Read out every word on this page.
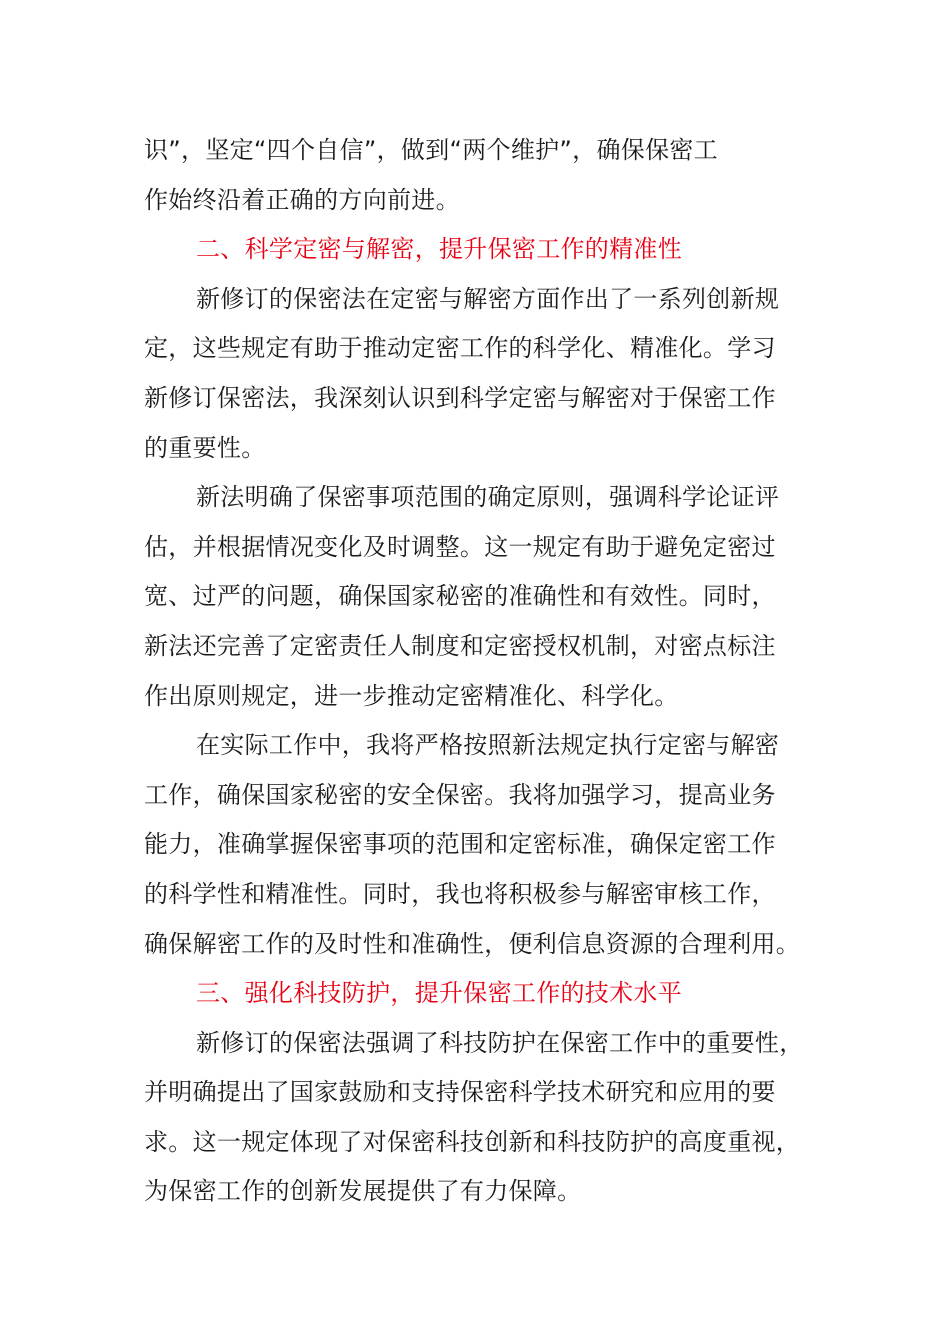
识”，坚定“四个自信”，做到“两个维护”，确保保密工
作始终沿着正确的方向前进。
二、科学定密与解密，提升保密工作的精准性
新修订的保密法在定密与解密方面作出了一系列创新规
定，这些规定有助于推动定密工作的科学化、精准化。学习
新修订保密法，我深刻认识到科学定密与解密对于保密工作
的重要性。
新法明确了保密事项范围的确定原则，强调科学论证评
估，并根据情况变化及时调整。这一规定有助于避免定密过
宽、过严的问题，确保国家秘密的准确性和有效性。同时，
新法还完善了定密责任人制度和定密授权机制，对密点标注
作出原则规定，进一步推动定密精准化、科学化。
在实际工作中，我将严格按照新法规定执行定密与解密
工作，确保国家秘密的安全保密。我将加强学习，提高业务
能力，准确掌握保密事项的范围和定密标准，确保定密工作
的科学性和精准性。同时，我也将积极参与解密审核工作，
确保解密工作的及时性和准确性，便利信息资源的合理利用。
三、强化科技防护，提升保密工作的技术水平
新修订的保密法强调了科技防护在保密工作中的重要性，
并明确提出了国家鼓励和支持保密科学技术研究和应用的要
求。这一规定体现了对保密科技创新和科技防护的高度重视，
为保密工作的创新发展提供了有力保障。
